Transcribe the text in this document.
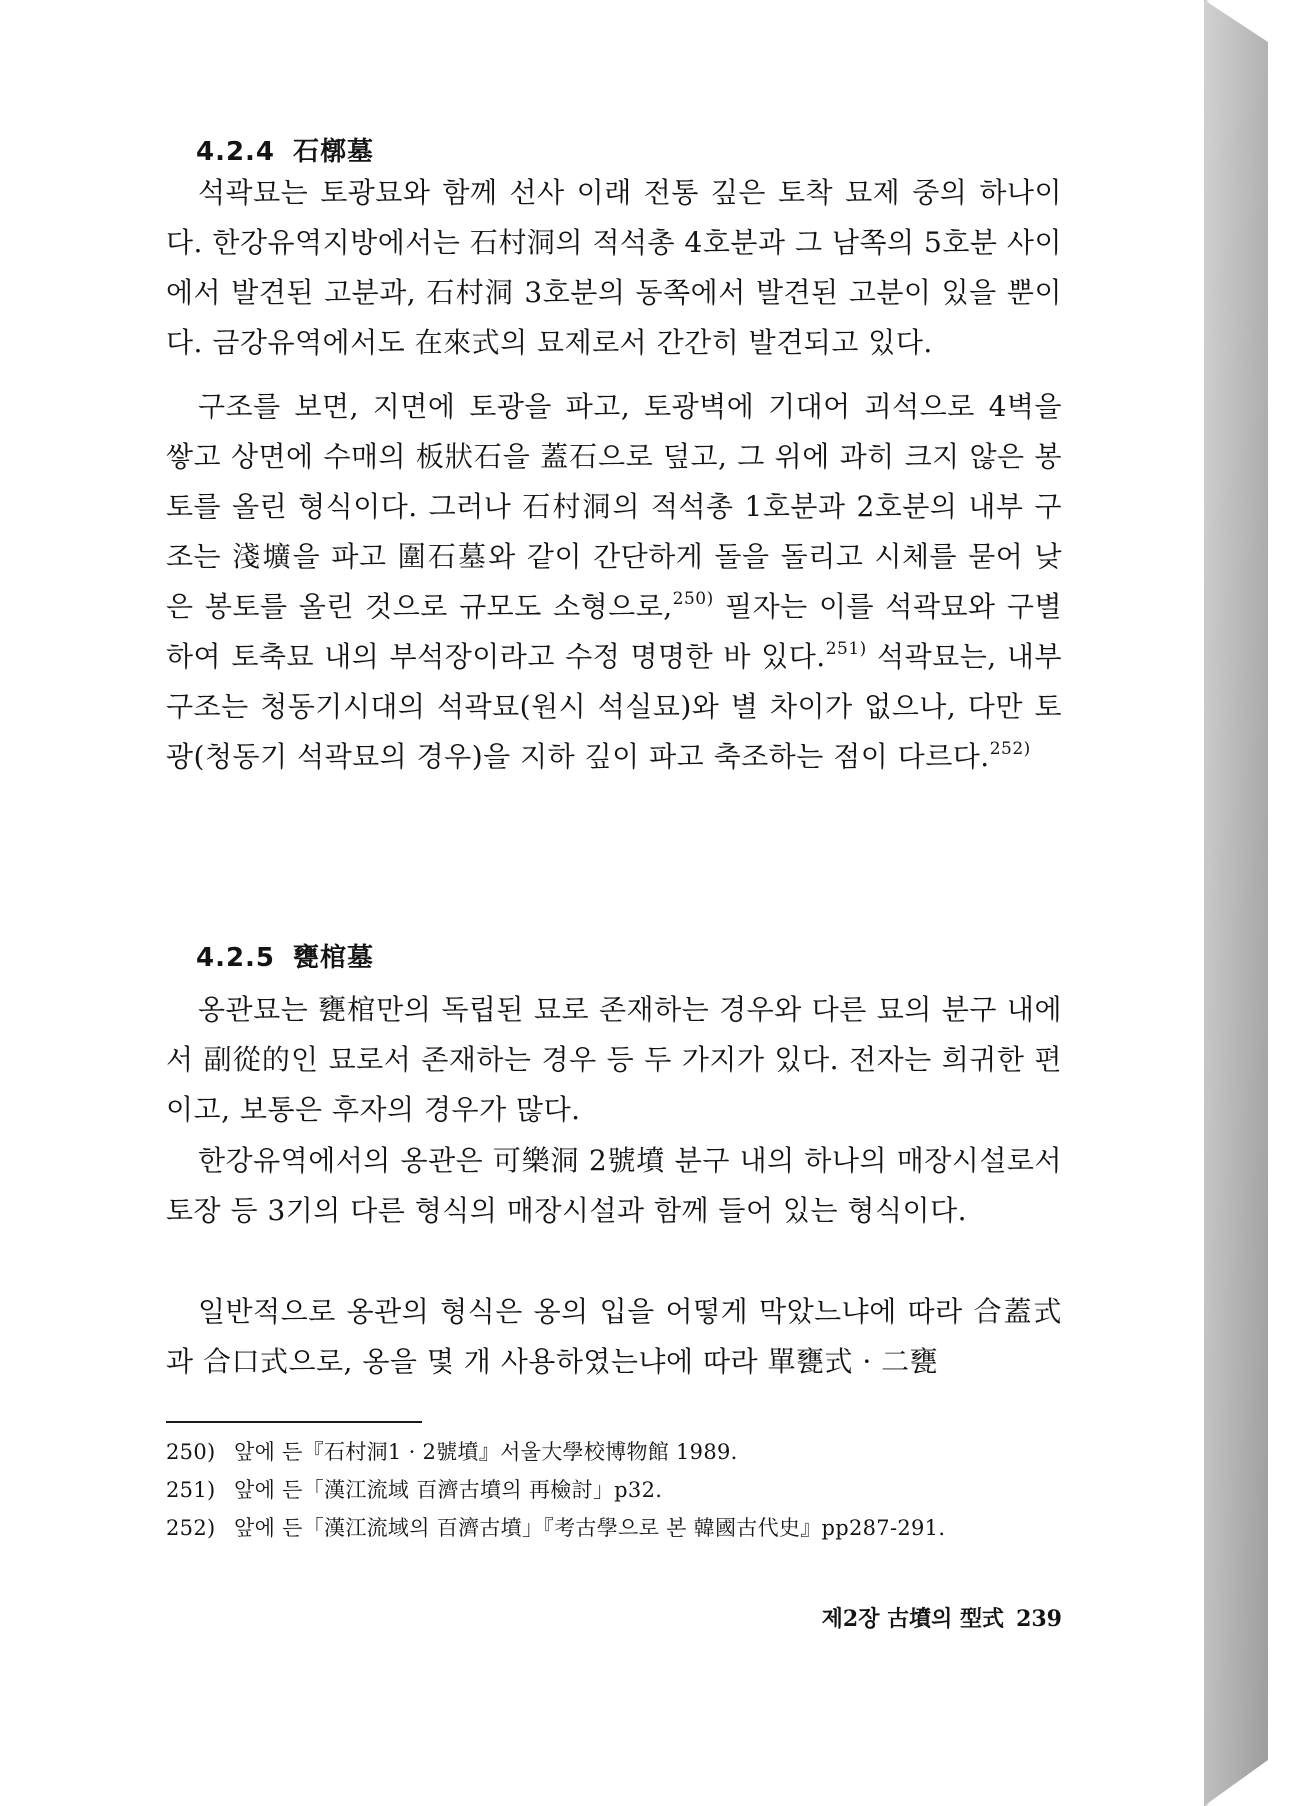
4.2.4 石槨墓

석곽묘는 토광묘와 함께 선사 이래 전통 깊은 토착 묘제 중의 하나이다. 한강유역지방에서는 石村洞의 적석총 4호분과 그 남쪽의 5호분 사이에서 발견된 고분과, 石村洞 3호분의 동쪽에서 발견된 고분이 있을 뿐이다. 금강유역에서도 在來式의 묘제로서 간간히 발견되고 있다.

구조를 보면, 지면에 토광을 파고, 토광벽에 기대어 괴석으로 4벽을 쌓고 상면에 수매의 板狀石을 蓋石으로 덮고, 그 위에 과히 크지 않은 봉토를 올린 형식이다. 그러나 石村洞의 적석총 1호분과 2호분의 내부 구조는 淺壙을 파고 圍石墓와 같이 간단하게 돌을 돌리고 시체를 묻어 낮은 봉토를 올린 것으로 규모도 소형으로,$^{250)}$ 필자는 이를 석곽묘와 구별하여 토축묘 내의 부석장이라고 수정 명명한 바 있다.$^{251)}$ 석곽묘는, 내부 구조는 청동기시대의 석곽묘(원시 석실묘)와 별 차이가 없으나, 다만 토광(청동기 석곽묘의 경우)을 지하 깊이 파고 축조하는 점이 다르다.$^{252)}$

4.2.5 甕棺墓

옹관묘는 甕棺만의 독립된 묘로 존재하는 경우와 다른 묘의 분구 내에서 副從的인 묘로서 존재하는 경우 등 두 가지가 있다. 전자는 희귀한 편이고, 보통은 후자의 경우가 많다.

한강유역에서의 옹관은 可樂洞 2號墳 분구 내의 하나의 매장시설로서 토장 등 3기의 다른 형식의 매장시설과 함께 들어 있는 형식이다.

일반적으로 옹관의 형식은 옹의 입을 어떻게 막았느냐에 따라 合蓋式과 合口式으로, 옹을 몇 개 사용하였는냐에 따라 單甕式 · 二甕

250) 앞에 든『石村洞1 · 2號墳』서울大學校博物館 1989.

251) 앞에 든「漢江流域 百濟古墳의 再檢討」p32.

252) 앞에 든「漢江流域의 百濟古墳」『考古學으로 본 韓國古代史』pp287-291.

제2장 古墳의 型式 239
